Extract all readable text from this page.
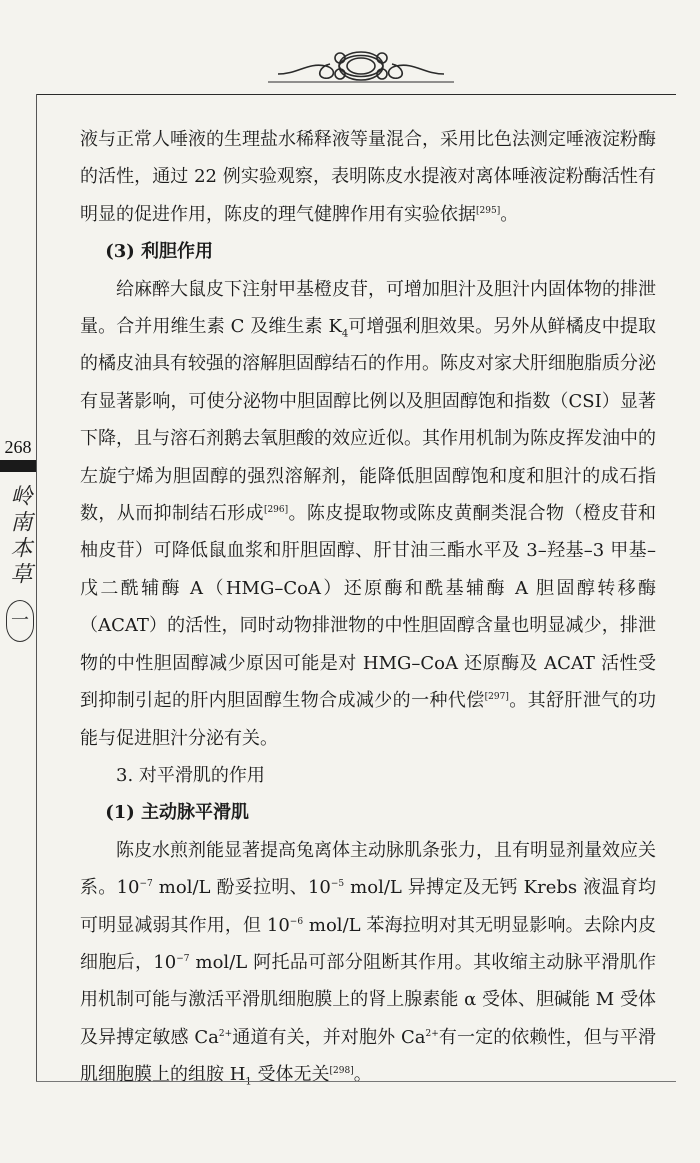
268
岭南本草
一

液与正常人唾液的生理盐水稀释液等量混合，采用比色法测定唾液淀粉酶的活性，通过 22 例实验观察，表明陈皮水提液对离体唾液淀粉酶活性有明显的促进作用，陈皮的理气健脾作用有实验依据[295]。

(3) 利胆作用

给麻醉大鼠皮下注射甲基橙皮苷，可增加胆汁及胆汁内固体物的排泄量。合并用维生素 C 及维生素 $K_4$可增强利胆效果。另外从鲜橘皮中提取的橘皮油具有较强的溶解胆固醇结石的作用。陈皮对家犬肝细胞脂质分泌有显著影响，可使分泌物中胆固醇比例以及胆固醇饱和指数（CSI）显著下降，且与溶石剂鹅去氧胆酸的效应近似。其作用机制为陈皮挥发油中的左旋宁烯为胆固醇的强烈溶解剂，能降低胆固醇饱和度和胆汁的成石指数，从而抑制结石形成[296]。陈皮提取物或陈皮黄酮类混合物（橙皮苷和柚皮苷）可降低鼠血浆和肝胆固醇、肝甘油三酯水平及 3–羟基–3 甲基–戊二酰辅酶 A（HMG–CoA）还原酶和酰基辅酶 A 胆固醇转移酶（ACAT）的活性，同时动物排泄物的中性胆固醇含量也明显减少，排泄物的中性胆固醇减少原因可能是对 HMG–CoA 还原酶及 ACAT 活性受到抑制引起的肝内胆固醇生物合成减少的一种代偿[297]。其舒肝泄气的功能与促进胆汁分泌有关。

3. 对平滑肌的作用

(1) 主动脉平滑肌

陈皮水煎剂能显著提高兔离体主动脉肌条张力，且有明显剂量效应关系。$10^{-7}$ mol/L 酚妥拉明、$10^{-5}$ mol/L 异搏定及无钙 Krebs 液温育均可明显减弱其作用，但 $10^{-6}$ mol/L 苯海拉明对其无明显影响。去除内皮细胞后，$10^{-7}$ mol/L 阿托品可部分阻断其作用。其收缩主动脉平滑肌作用机制可能与激活平滑肌细胞膜上的肾上腺素能 α 受体、胆碱能 M 受体及异搏定敏感 $Ca^{2+}$通道有关，并对胞外 $Ca^{2+}$有一定的依赖性，但与平滑肌细胞膜上的组胺 $H_1$ 受体无关[298]。
